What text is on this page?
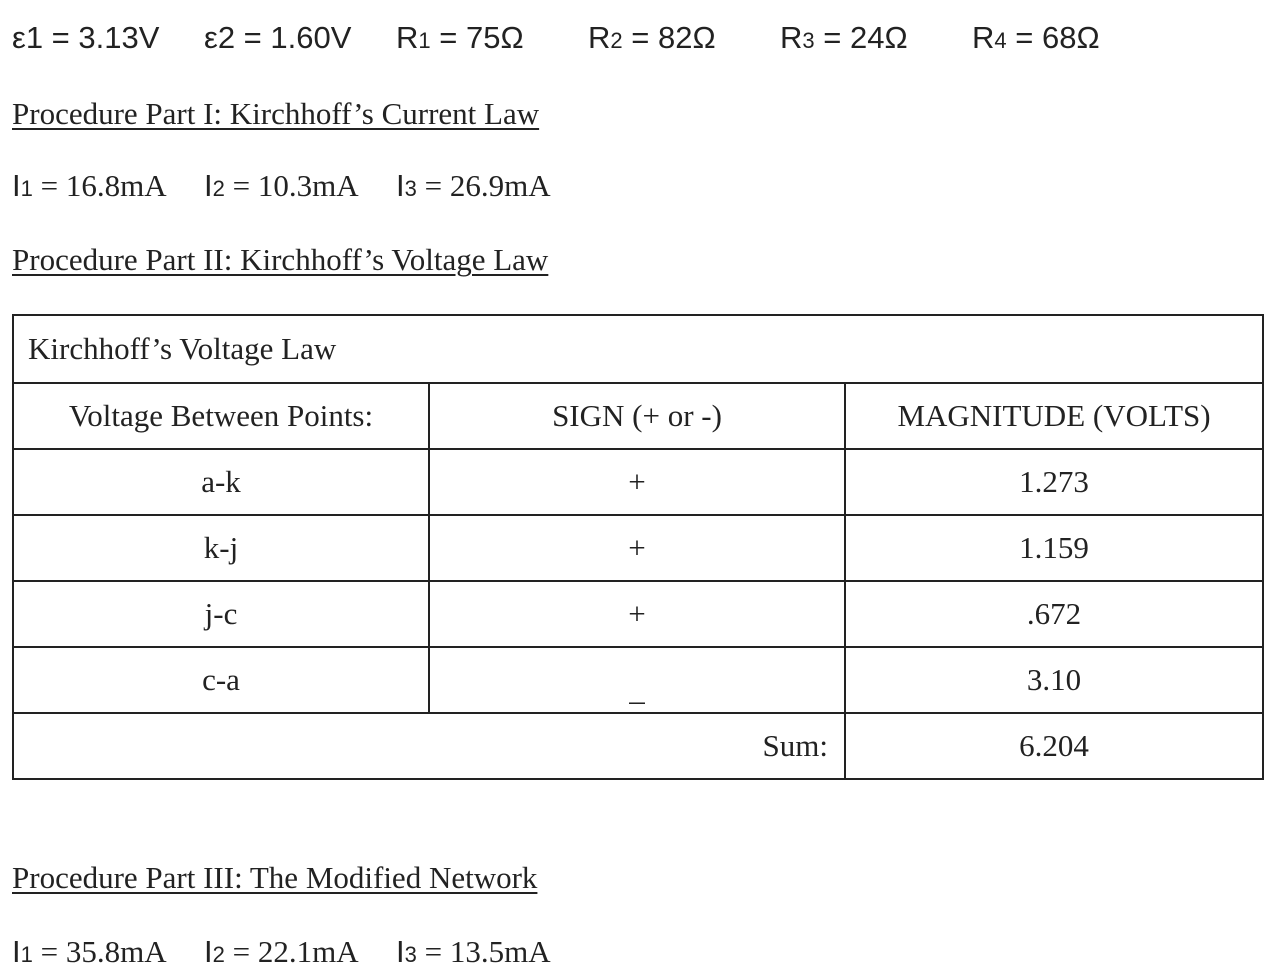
ε1 = 3.13V ε2 = 1.60V R1 = 75Ω R2 = 82Ω R3 = 24Ω R4 = 68Ω
Procedure Part I: Kirchhoff’s Current Law
I1 = 16.8mA I2 = 10.3mA I3 = 26.9mA
Procedure Part II: Kirchhoff’s Voltage Law
Kirchhoff’s Voltage Law		
Voltage Between Points:	SIGN (+ or -)	MAGNITUDE (VOLTS)
a-k	+	1.273
k-j	+	1.159
j-c	+	.672
c-a	_	3.10
Sum:		6.204
Procedure Part III: The Modified Network
I1 = 35.8mA I2 = 22.1mA I3 = 13.5mA
